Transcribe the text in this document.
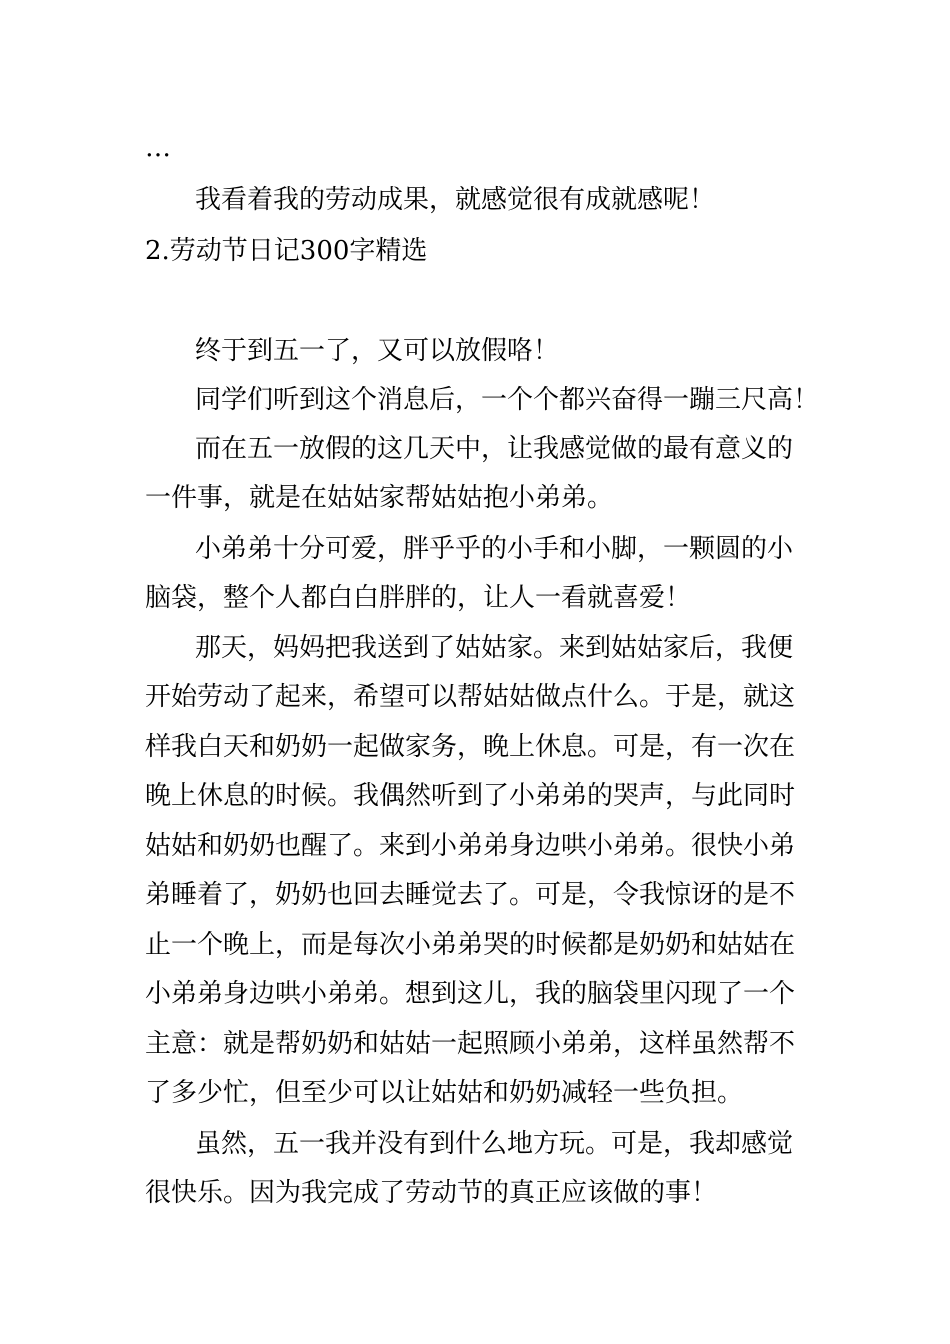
…
我看着我的劳动成果，就感觉很有成就感呢！
2.劳动节日记300字精选
终于到五一了，又可以放假咯！
同学们听到这个消息后，一个个都兴奋得一蹦三尺高！
而在五一放假的这几天中，让我感觉做的最有意义的
一件事，就是在姑姑家帮姑姑抱小弟弟。
小弟弟十分可爱，胖乎乎的小手和小脚，一颗圆的小
脑袋，整个人都白白胖胖的，让人一看就喜爱！
那天，妈妈把我送到了姑姑家。来到姑姑家后，我便
开始劳动了起来，希望可以帮姑姑做点什么。于是，就这
样我白天和奶奶一起做家务，晚上休息。可是，有一次在
晚上休息的时候。我偶然听到了小弟弟的哭声，与此同时
姑姑和奶奶也醒了。来到小弟弟身边哄小弟弟。很快小弟
弟睡着了，奶奶也回去睡觉去了。可是，令我惊讶的是不
止一个晚上，而是每次小弟弟哭的时候都是奶奶和姑姑在
小弟弟身边哄小弟弟。想到这儿，我的脑袋里闪现了一个
主意：就是帮奶奶和姑姑一起照顾小弟弟，这样虽然帮不
了多少忙，但至少可以让姑姑和奶奶减轻一些负担。
虽然，五一我并没有到什么地方玩。可是，我却感觉
很快乐。因为我完成了劳动节的真正应该做的事！
